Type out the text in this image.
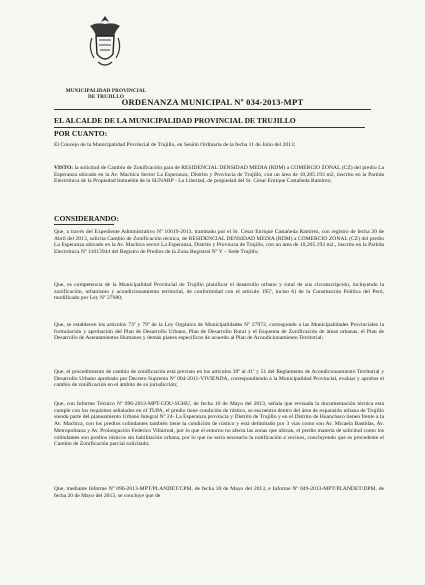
MUNICIPALIDAD PROVINCIAL
DE TRUJILLO
ORDENANZA MUNICIPAL Nº 034-2013-MPT
EL ALCALDE DE LA MUNICIPALIDAD PROVINCIAL DE TRUJILLO
POR CUANTO:
El Concejo de la Municipalidad Provincial de Trujillo, en Sesión Ordinaria de la fecha 11 de Julio del 2013;
VISTO: la solicitud de Cambio de Zonificación para de RESIDENCIAL DENSIDAD MEDIA (RDM) a COMERCIO ZONAL (CZ) del predio La Esperanza ubicado en la Av. Machica Sector La Esperanza, Distrito y Provincia de Trujillo, con un área de 10,205.193 m2, inscrito en la Partida Electrónica de la Propiedad Inmueble de la SUNARP - La Libertad, de propiedad del Sr. César Enrique Castañeda Ramírez;
CONSIDERANDO:
Que, a través del Expediente Administrativo Nº 10619-2013, tramitado por el Sr. César Enrique Castañeda Ramírez, con registro de fecha 20 de Abril del 2013, solicita Cambio de Zonificación técnica, de RESIDENCIAL DENSIDAD MEDIA (RDM) a COMERCIO ZONAL (CZ) del predio La Esperanza ubicado en la Av. Machica sector La Esperanza, Distrito y Provincia de Trujillo, con un área de 10,205.193 m2., inscrito en la Partida Electrónica Nº 11013944 del Registro de Predios de la Zona Registral Nº V – Sede Trujillo;
Que, es competencia de la Municipalidad Provincial de Trujillo planificar el desarrollo urbano y rural de sus circunscripción, incluyendo la zonificación, urbanismo y acondicionamiento territorial, de conformidad con el artículo 195º, inciso 6) de la Constitución Política del Perú, modificado por Ley Nº 27680;
Que, se establecen los artículos 73º y 79º de la Ley Orgánica de Municipalidades Nº 27972, corresponde a las Municipalidades Provinciales la formulación y aprobación del Plan de Desarrollo Urbano, Plan de Desarrollo Rural y el Esquema de Zonificación de áreas urbanas, el Plan de Desarrollo de Asentamientos Humanos y demás planes específicos de acuerdo al Plan de Acondicionamiento Territorial;
Que, el procedimiento de cambio de zonificación está previsto en los artículos 39º al 41º y 51 del Reglamento de Acondicionamiento Territorial y Desarrollo Urbano aprobado por Decreto Supremo Nº 004-2011-VIVIENDA, correspondiendo a la Municipalidad Provincial, evaluar y aprobar el cambio de zonificación en el ámbito de su jurisdicción;
Que, con Informe Técnico Nº 096-2013-MPT-GDU-SGHU, de fecha 10 de Mayo del 2013, señala que revisada la documentación técnica esta cumple con los requisitos señalados en el TUPA, el predio tiene condición de rústico, se encuentra dentro del área de expansión urbana de Trujillo siendo parte del planeamiento Urbano Integral Nº 24- La Esperanza provincia y Distrito de Trujillo y en el Distrito de Huanchaco tienen frente a la Av. Machica, con los predios colindantes también tiene la condición de rústico y está delimitado por 3 vías como son Av. Micaela Bastidas, Av. Metropolitana y Av. Prolongación Federico Villarreal, por lo que el entorno no afecta las zonas que ubican, el predio materia de solicitud como los colindantes son predios rústicos sin habilitación urbana, por lo que no sería necesario la notificación a vecinos, concluyendo que es procedente el Cambio de Zonificación parcial solicitado;
Que, mediante Informe Nº 096-2013-MPT/PLANDET/CPM, de fecha 30 de Mayo del 2013, e Informe Nº 049-2013-MPT/PLANDET/DPM, de fecha 20 de Mayo del 2013, se concluye que de
